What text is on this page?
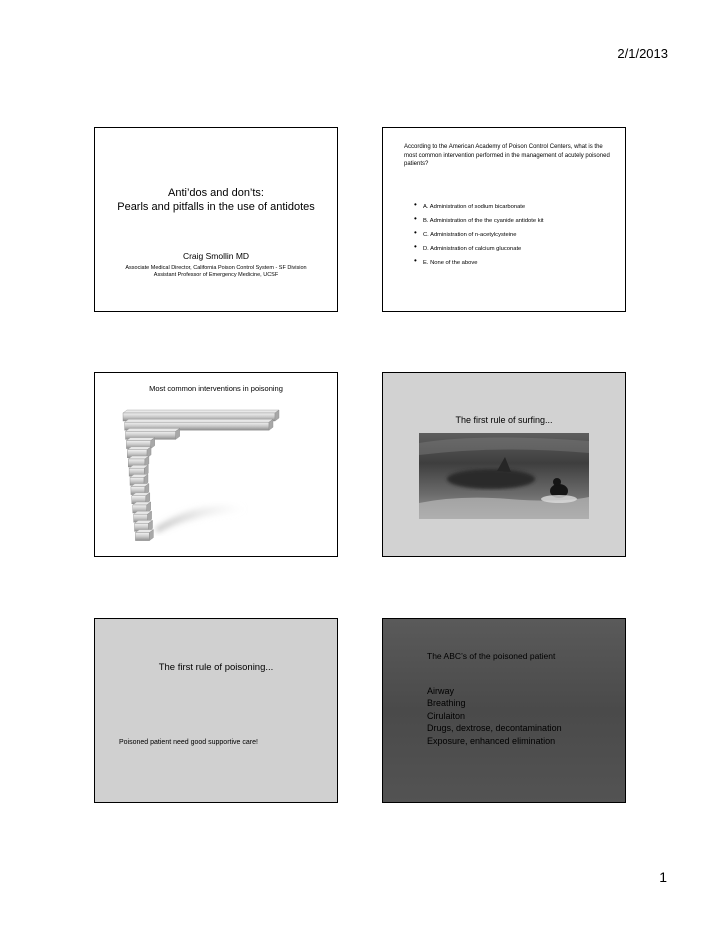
2/1/2013
Anti’dos and don’ts:
Pearls and pitfalls in the use of antidotes
Craig Smollin MD
Associate Medical Director, California Poison Control System - SF Division
Assistant Professor of Emergency Medicine, UCSF
According to the American Academy of Poison Control Centers, what is the most common intervention performed in the management of acutely poisoned patients?
• A. Administration of sodium bicarbonate
• B. Administration of the the cyanide antidote kit
• C. Administration of n-acetylcysteine
• D. Administration of calcium gluconate
• E. None of the above
Most common interventions in poisoning
The first rule of surfing...
The first rule of poisoning...
Poisoned patient need good supportive care!
The ABC’s of the poisoned patient
Airway
Breathing
Cirulaiton
Drugs, dextrose, decontamination
Exposure, enhanced elimination
1
